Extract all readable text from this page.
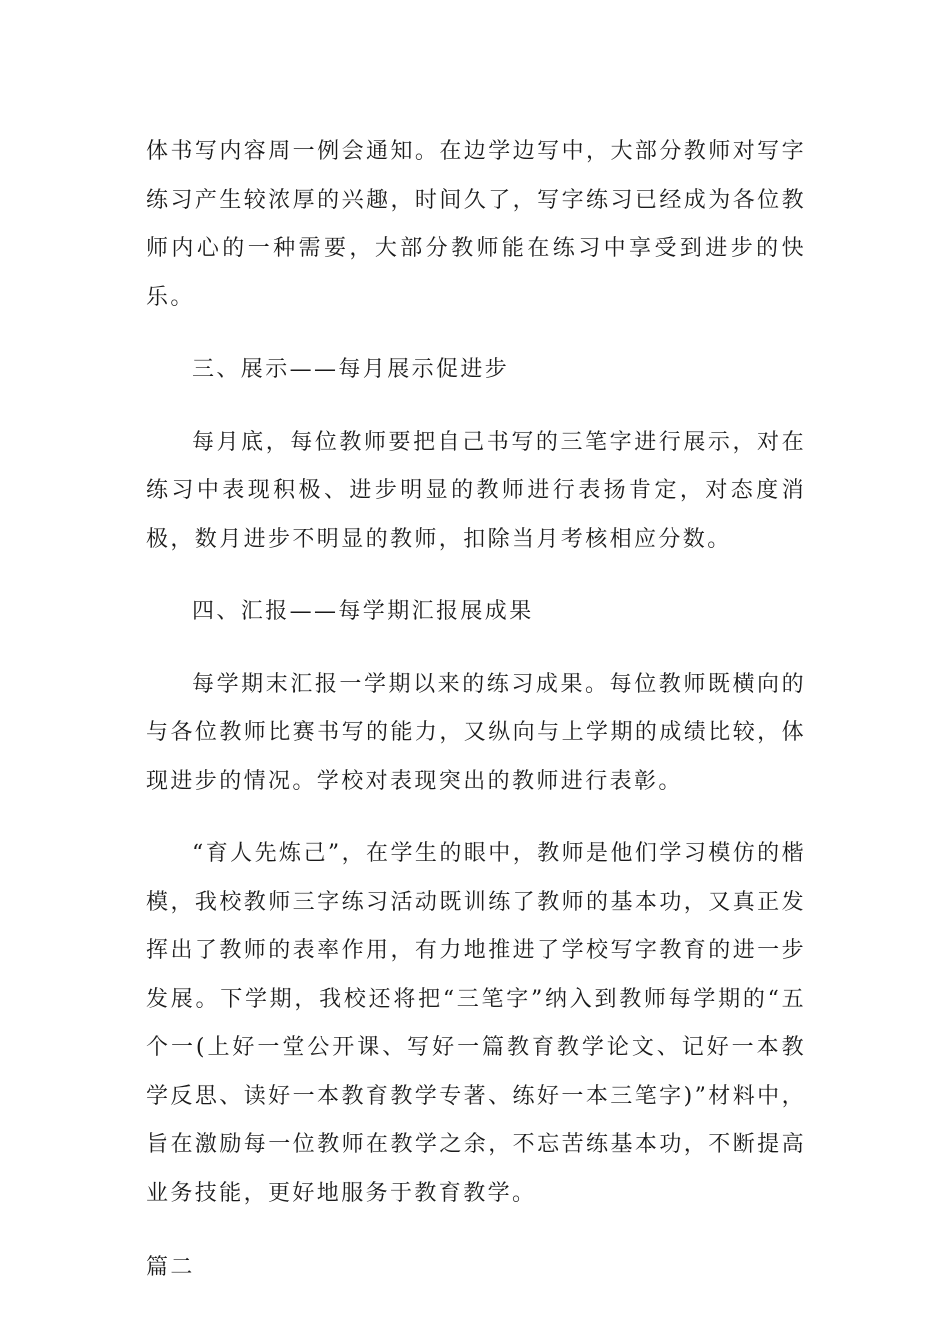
体书写内容周一例会通知。在边学边写中，大部分教师对写字练习产生较浓厚的兴趣，时间久了，写字练习已经成为各位教师内心的一种需要，大部分教师能在练习中享受到进步的快乐。

三、展示——每月展示促进步

每月底，每位教师要把自己书写的三笔字进行展示，对在练习中表现积极、进步明显的教师进行表扬肯定，对态度消极，数月进步不明显的教师，扣除当月考核相应分数。

四、汇报——每学期汇报展成果

每学期末汇报一学期以来的练习成果。每位教师既横向的与各位教师比赛书写的能力，又纵向与上学期的成绩比较，体现进步的情况。学校对表现突出的教师进行表彰。

“育人先炼己”，在学生的眼中，教师是他们学习模仿的楷模，我校教师三字练习活动既训练了教师的基本功，又真正发挥出了教师的表率作用，有力地推进了学校写字教育的进一步发展。下学期，我校还将把“三笔字”纳入到教师每学期的“五个一(上好一堂公开课、写好一篇教育教学论文、记好一本教学反思、读好一本教育教学专著、练好一本三笔字)”材料中，旨在激励每一位教师在教学之余，不忘苦练基本功，不断提高业务技能，更好地服务于教育教学。

篇二
